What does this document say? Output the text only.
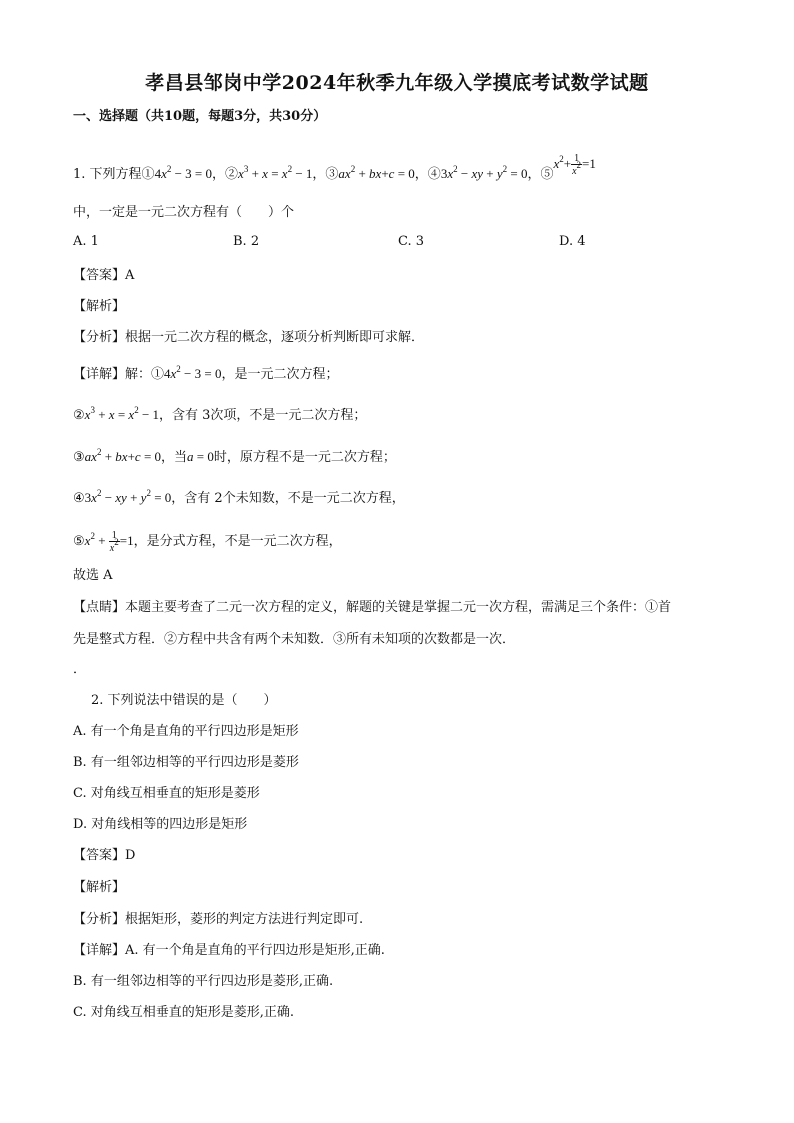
孝昌县邹岗中学2024年秋季九年级入学摸底考试数学试题
一、选择题（共10题，每题3分，共30分）
1. 下列方程$①4x^2 - 3 = 0$，$②x^3 + x = x^2 - 1$，$③ax^2 + bx+c = 0$，$④3x^2$ − xy + $y^2 = 0$，$⑤x^2+ \frac{1}{x^2} =1$
中，一定是一元二次方程有（　　）个
A. 1	B. 2	C. 3	D. 4
【答案】A
【解析】
【分析】根据一元二次方程的概念，逐项分析判断即可求解．
【详解】解：$①4x^2 - 3 = 0$，是一元二次方程；
$②x^3 + x = x^2 - 1$，含有 3次项，不是一元二次方程；
$③ax^2 + bx+c = 0$，当a = 0时，原方程不是一元二次方程；
$④3x^2$ − xy + $y^2 = 0$，含有 2个未知数，不是一元二次方程，
$⑤x^2 + \frac{1}{x^2} =1$，是分式方程，不是一元二次方程，
故选 A
【点睛】本题主要考查了二元一次方程的定义，解题的关键是掌握二元一次方程，需满足三个条件：①首
先是整式方程．②方程中共含有两个未知数．③所有未知项的次数都是一次．
．
2. 下列说法中错误的是（　　）
A. 有一个角是直角的平行四边形是矩形
B. 有一组邻边相等的平行四边形是菱形
C. 对角线互相垂直的矩形是菱形
D. 对角线相等的四边形是矩形
【答案】D
【解析】
【分析】根据矩形，菱形的判定方法进行判定即可.
【详解】A. 有一个角是直角的平行四边形是矩形,正确.
B. 有一组邻边相等的平行四边形是菱形,正确.
C. 对角线互相垂直的矩形是菱形,正确.
